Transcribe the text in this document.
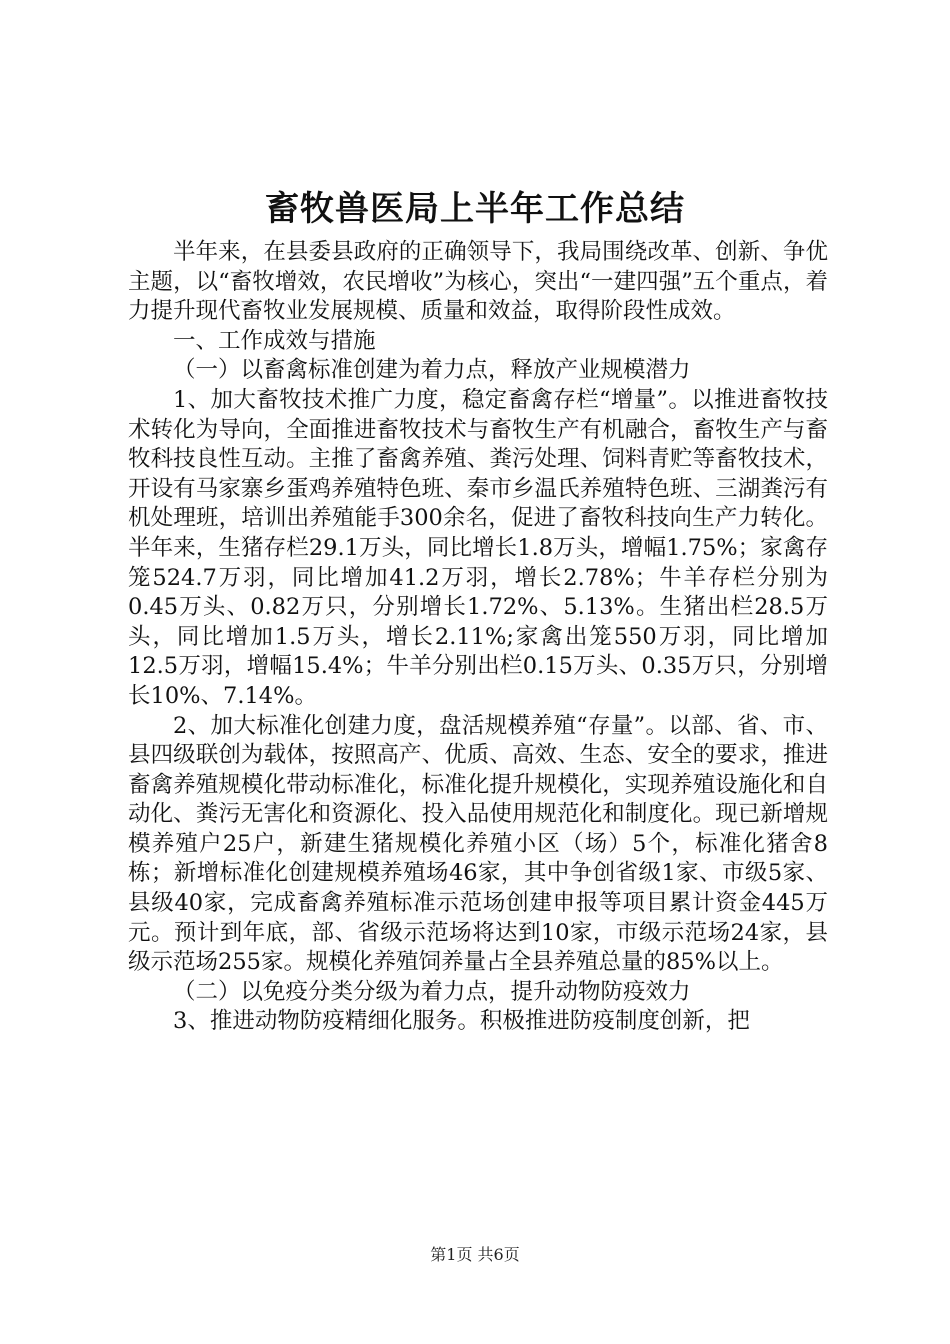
畜牧兽医局上半年工作总结

半年来，在县委县政府的正确领导下，我局围绕改革、创新、争优主题，以“畜牧增效，农民增收”为核心，突出“一建四强”五个重点，着力提升现代畜牧业发展规模、质量和效益，取得阶段性成效。

一、工作成效与措施

（一）以畜禽标准创建为着力点，释放产业规模潜力

1、加大畜牧技术推广力度，稳定畜禽存栏“增量”。以推进畜牧技术转化为导向，全面推进畜牧技术与畜牧生产有机融合，畜牧生产与畜牧科技良性互动。主推了畜禽养殖、粪污处理、饲料青贮等畜牧技术，开设有马家寨乡蛋鸡养殖特色班、秦市乡温氏养殖特色班、三湖粪污有机处理班，培训出养殖能手300余名，促进了畜牧科技向生产力转化。半年来，生猪存栏29.1万头，同比增长1.8万头，增幅1.75%；家禽存笼524.7万羽，同比增加41.2万羽，增长2.78%；牛羊存栏分别为0.45万头、0.82万只，分别增长1.72%、5.13%。生猪出栏28.5万头，同比增加1.5万头，增长2.11%;家禽出笼550万羽，同比增加12.5万羽，增幅15.4%；牛羊分别出栏0.15万头、0.35万只，分别增长10%、7.14%。

2、加大标准化创建力度，盘活规模养殖“存量”。以部、省、市、县四级联创为载体，按照高产、优质、高效、生态、安全的要求，推进畜禽养殖规模化带动标准化，标准化提升规模化，实现养殖设施化和自动化、粪污无害化和资源化、投入品使用规范化和制度化。现已新增规模养殖户25户，新建生猪规模化养殖小区（场）5个，标准化猪舍8栋；新增标准化创建规模养殖场46家，其中争创省级1家、市级5家、县级40家，完成畜禽养殖标准示范场创建申报等项目累计资金445万元。预计到年底，部、省级示范场将达到10家，市级示范场24家，县级示范场255家。规模化养殖饲养量占全县养殖总量的85%以上。

（二）以免疫分类分级为着力点，提升动物防疫效力

3、推进动物防疫精细化服务。积极推进防疫制度创新，把

第1页 共6页
